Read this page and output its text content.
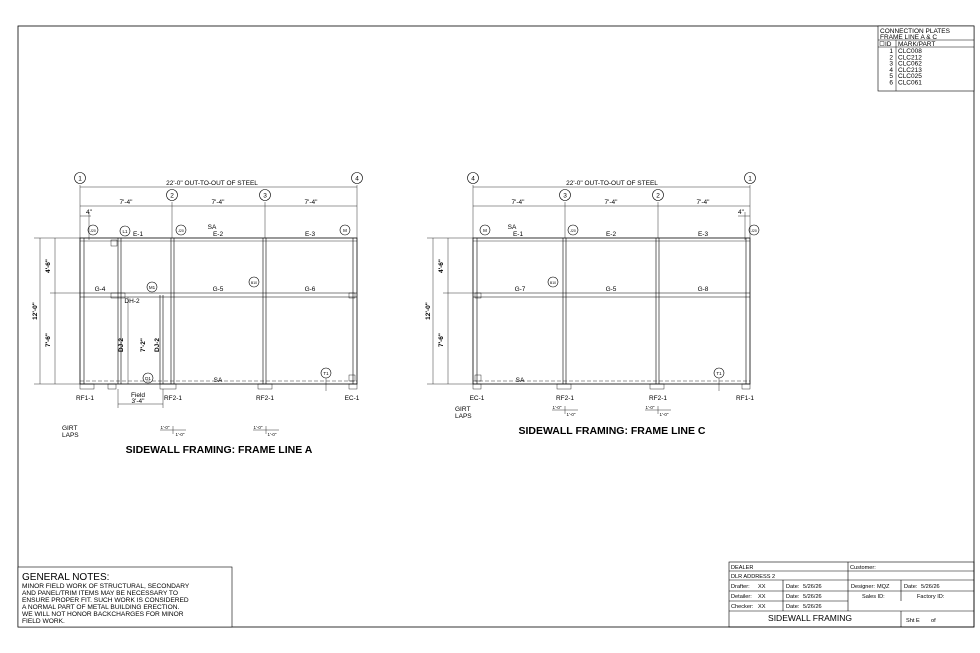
CONNECTION PLATES
FRAME LINE A & C
ID MARK/PART
1 CLC008
2 CLC212
3 CLC062
4 CLC213
5 CLC025
6 CLC061
1
2	3
4
22'-0" OUT-TO-OUT OF STEEL
7'-4"	7'-4"	7'-4"
4"
E-1	E-2	E-3
SA
G-4	G-5	G-6
DH-2
DJ-2	DJ-2
7'-2"
12'-0"
4'-6"
7'-6"
SA
RF1-1	RF2-1	RF2-1	EC-1
Field
3'-4"
GIRT
LAPS
1'-0"
1'-0"
1'-0"
1'-0"
J20	L1	J20	M
M1
B10
D1
T1
SIDEWALL FRAMING: FRAME LINE A
4
3	2
1
22'-0" OUT-TO-OUT OF STEEL
7'-4"	7'-4"	7'-4"
4"
SA
E-1	E-2	E-3
G-7	G-5	G-8
12'-0"
4'-6"
7'-6"
SA
EC-1	RF2-1	RF2-1	RF1-1
GIRT
LAPS
1'-0"
1'-0"
1'-0"
1'-0"
M	J20	J20
B10
T1
SIDEWALL FRAMING: FRAME LINE C
GENERAL NOTES:
MINOR FIELD WORK OF STRUCTURAL, SECONDARY
AND PANEL/TRIM ITEMS MAY BE NECESSARY TO
ENSURE PROPER FIT. SUCH WORK IS CONSIDERED
A NORMAL PART OF METAL BUILDING ERECTION.
WE WILL NOT HONOR BACKCHARGES FOR MINOR
FIELD WORK.
DEALER	Customer:
DLR ADDRESS 2
Drafter: XX	Date: 5/26/26	Designer: MQZ	Date: 5/26/26
Detailer: XX	Date: 5/26/26	Sales ID:	Factory ID:
Checker: XX	Date: 5/26/26
SIDEWALL FRAMING	Sht E of
